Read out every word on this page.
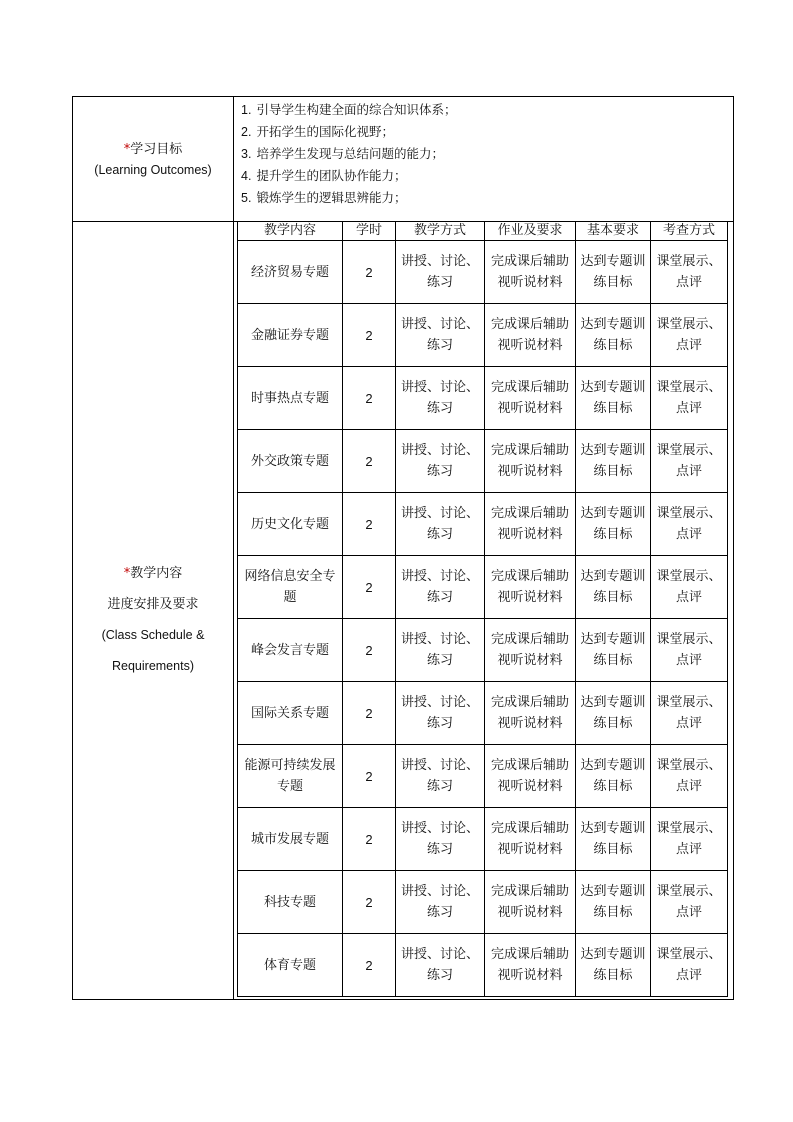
*学习目标
(Learning Outcomes)
1. 引导学生构建全面的综合知识体系；
2. 开拓学生的国际化视野；
3. 培养学生发现与总结问题的能力；
4. 提升学生的团队协作能力；
5. 锻炼学生的逻辑思辨能力；
*教学内容
进度安排及要求
(Class Schedule &
Requirements)
教学内容	学时	教学方式	作业及要求	基本要求	考查方式
经济贸易专题	2	讲授、讨论、练习	完成课后辅助视听说材料	达到专题训练目标	课堂展示、点评
金融证券专题	2	讲授、讨论、练习	完成课后辅助视听说材料	达到专题训练目标	课堂展示、点评
时事热点专题	2	讲授、讨论、练习	完成课后辅助视听说材料	达到专题训练目标	课堂展示、点评
外交政策专题	2	讲授、讨论、练习	完成课后辅助视听说材料	达到专题训练目标	课堂展示、点评
历史文化专题	2	讲授、讨论、练习	完成课后辅助视听说材料	达到专题训练目标	课堂展示、点评
网络信息安全专题	2	讲授、讨论、练习	完成课后辅助视听说材料	达到专题训练目标	课堂展示、点评
峰会发言专题	2	讲授、讨论、练习	完成课后辅助视听说材料	达到专题训练目标	课堂展示、点评
国际关系专题	2	讲授、讨论、练习	完成课后辅助视听说材料	达到专题训练目标	课堂展示、点评
能源可持续发展专题	2	讲授、讨论、练习	完成课后辅助视听说材料	达到专题训练目标	课堂展示、点评
城市发展专题	2	讲授、讨论、练习	完成课后辅助视听说材料	达到专题训练目标	课堂展示、点评
科技专题	2	讲授、讨论、练习	完成课后辅助视听说材料	达到专题训练目标	课堂展示、点评
体育专题	2	讲授、讨论、练习	完成课后辅助视听说材料	达到专题训练目标	课堂展示、点评
